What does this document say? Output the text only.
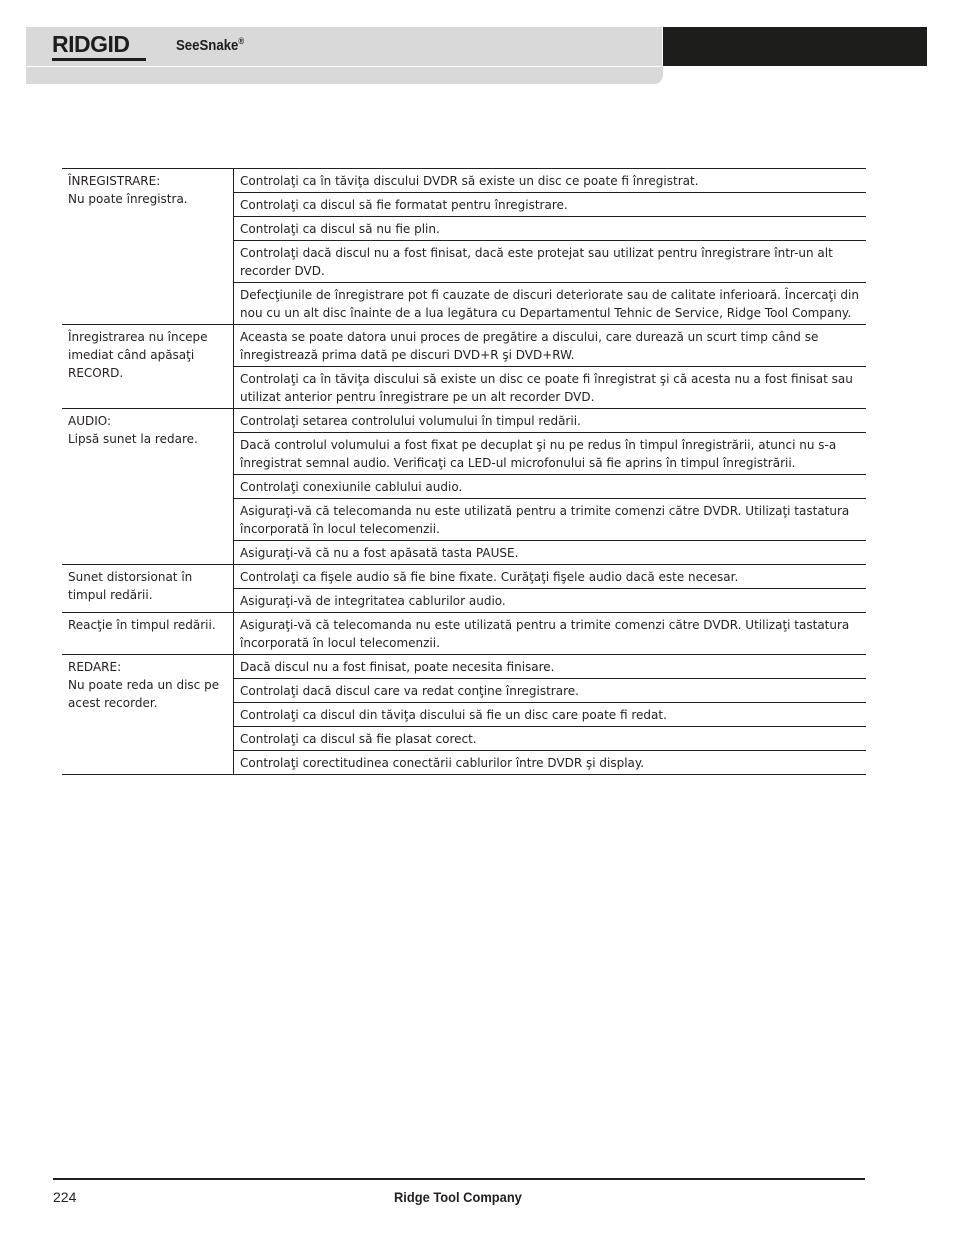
RIDGID	SeeSnake®
ÎNREGISTRARE:
Nu poate înregistra.	Controlaţi ca în tăviţa discului DVDR să existe un disc ce poate fi înregistrat.
	Controlaţi ca discul să fie formatat pentru înregistrare.
	Controlaţi ca discul să nu fie plin.
	Controlaţi dacă discul nu a fost finisat, dacă este protejat sau utilizat pentru înregistrare într-un alt recorder DVD.
	Defecţiunile de înregistrare pot fi cauzate de discuri deteriorate sau de calitate inferioară. Încercaţi din nou cu un alt disc înainte de a lua legătura cu Departamentul Tehnic de Service, Ridge Tool Company.

Înregistrarea nu începe imediat când apăsaţi RECORD.	Aceasta se poate datora unui proces de pregătire a discului, care durează un scurt timp când se înregistrează prima dată pe discuri DVD+R şi DVD+RW.
	Controlaţi ca în tăviţa discului să existe un disc ce poate fi înregistrat şi că acesta nu a fost finisat sau utilizat anterior pentru înregistrare pe un alt recorder DVD.

AUDIO:
Lipsă sunet la redare.	Controlaţi setarea controlului volumului în timpul redării.
	Dacă controlul volumului a fost fixat pe decuplat şi nu pe redus în timpul înregistrării, atunci nu s-a înregistrat semnal audio. Verificaţi ca LED-ul microfonului să fie aprins în timpul înregistrării.
	Controlaţi conexiunile cablului audio.
	Asiguraţi-vă că telecomanda nu este utilizată pentru a trimite comenzi către DVDR. Utilizaţi tastatura încorporată în locul telecomenzii.
	Asiguraţi-vă că nu a fost apăsată tasta PAUSE.

Sunet distorsionat în timpul redării.	Controlaţi ca fişele audio să fie bine fixate. Curăţaţi fişele audio dacă este necesar.
	Asiguraţi-vă de integritatea cablurilor audio.

Reacţie în timpul redării.	Asiguraţi-vă că telecomanda nu este utilizată pentru a trimite comenzi către DVDR. Utilizaţi tastatura încorporată în locul telecomenzii.

REDARE:
Nu poate reda un disc pe acest recorder.	Dacă discul nu a fost finisat, poate necesita finisare.
	Controlaţi dacă discul care va redat conţine înregistrare.
	Controlaţi ca discul din tăviţa discului să fie un disc care poate fi redat.
	Controlaţi ca discul să fie plasat corect.
	Controlaţi corectitudinea conectării cablurilor între DVDR şi display.
224	Ridge Tool Company
